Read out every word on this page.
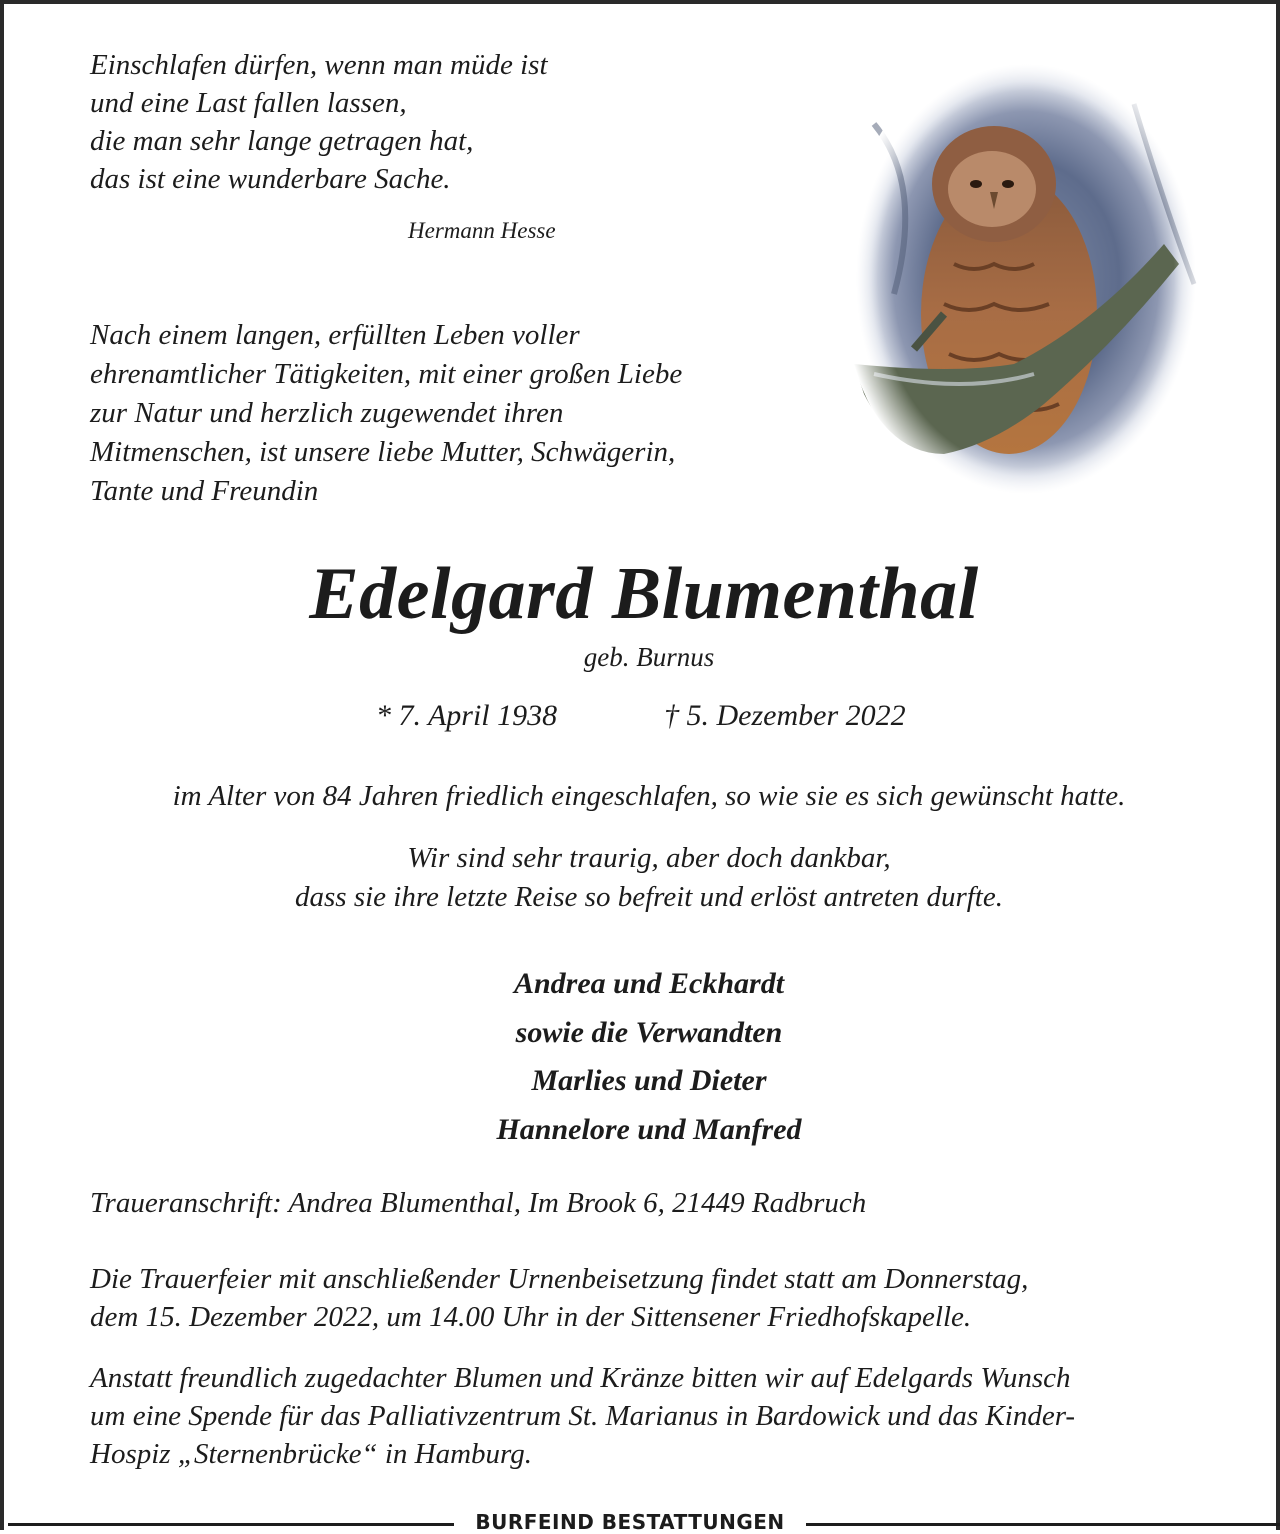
Einschlafen dürfen, wenn man müde ist
und eine Last fallen lassen,
die man sehr lange getragen hat,
das ist eine wunderbare Sache.
Hermann Hesse
Nach einem langen, erfüllten Leben voller
ehrenamtlicher Tätigkeiten, mit einer großen Liebe
zur Natur und herzlich zugewendet ihren
Mitmenschen, ist unsere liebe Mutter, Schwägerin,
Tante und Freundin
Edelgard Blumenthal
geb. Burnus
* 7. April 1938	† 5. Dezember 2022
im Alter von 84 Jahren friedlich eingeschlafen, so wie sie es sich gewünscht hatte.
Wir sind sehr traurig, aber doch dankbar,
dass sie ihre letzte Reise so befreit und erlöst antreten durfte.
Andrea und Eckhardt
sowie die Verwandten
Marlies und Dieter
Hannelore und Manfred
Traueranschrift: Andrea Blumenthal, Im Brook 6, 21449 Radbruch
Die Trauerfeier mit anschließender Urnenbeisetzung findet statt am Donnerstag,
dem 15. Dezember 2022, um 14.00 Uhr in der Sittensener Friedhofskapelle.
Anstatt freundlich zugedachter Blumen und Kränze bitten wir auf Edelgards Wunsch
um eine Spende für das Palliativzentrum St. Marianus in Bardowick und das Kinder-
Hospiz „Sternenbrücke“ in Hamburg.
BURFEIND BESTATTUNGEN
